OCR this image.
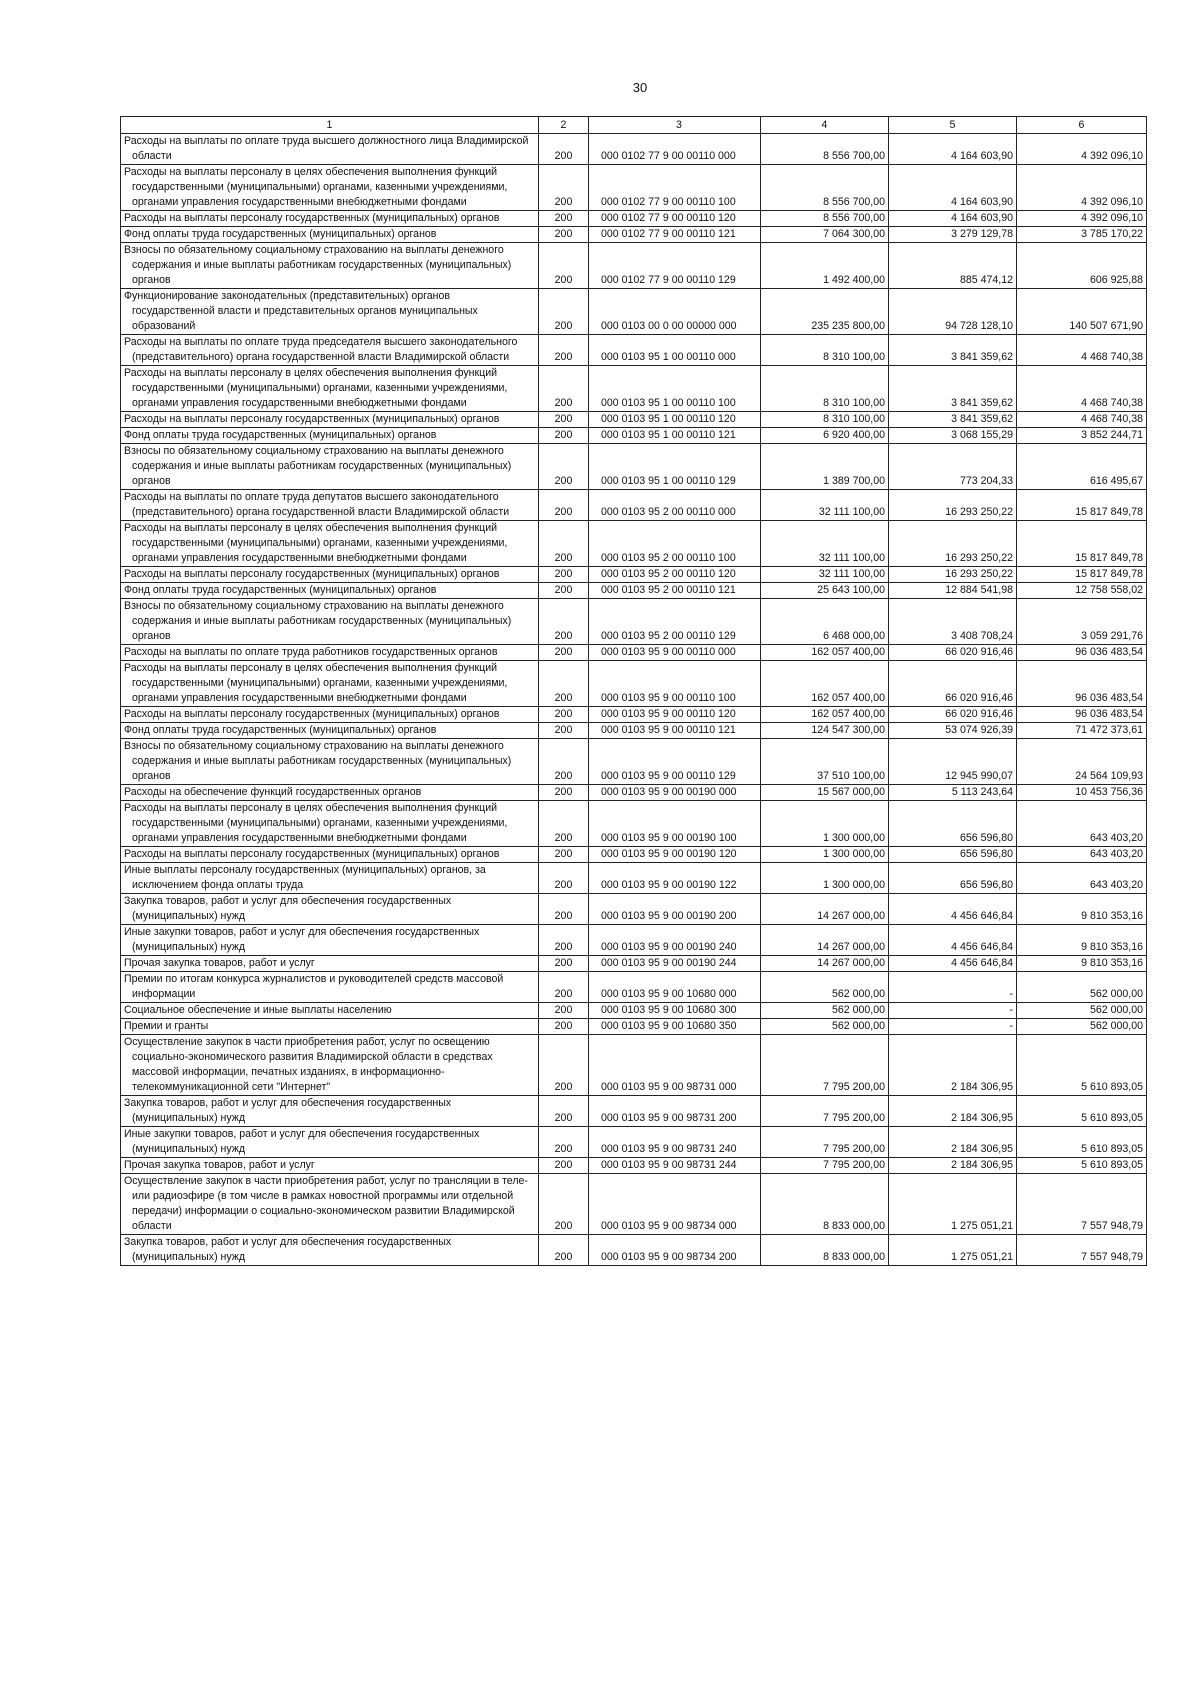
30
1	2	3	4	5	6
Расходы на выплаты по оплате труда высшего должностного лица Владимирской области	200	000 0102 77 9 00 00110 000	8 556 700,00	4 164 603,90	4 392 096,10
Расходы на выплаты персоналу в целях обеспечения выполнения функций государственными (муниципальными) органами, казенными учреждениями, органами управления государственными внебюджетными фондами	200	000 0102 77 9 00 00110 100	8 556 700,00	4 164 603,90	4 392 096,10
Расходы на выплаты персоналу государственных (муниципальных) органов	200	000 0102 77 9 00 00110 120	8 556 700,00	4 164 603,90	4 392 096,10
Фонд оплаты труда государственных (муниципальных) органов	200	000 0102 77 9 00 00110 121	7 064 300,00	3 279 129,78	3 785 170,22
Взносы по обязательному социальному страхованию на выплаты денежного содержания и иные выплаты работникам государственных (муниципальных) органов	200	000 0102 77 9 00 00110 129	1 492 400,00	885 474,12	606 925,88
Функционирование законодательных (представительных) органов государственной власти и представительных органов муниципальных образований	200	000 0103 00 0 00 00000 000	235 235 800,00	94 728 128,10	140 507 671,90
Расходы на выплаты по оплате труда председателя высшего законодательного (представительного) органа государственной власти Владимирской области	200	000 0103 95 1 00 00110 000	8 310 100,00	3 841 359,62	4 468 740,38
Расходы на выплаты персоналу в целях обеспечения выполнения функций государственными (муниципальными) органами, казенными учреждениями, органами управления государственными внебюджетными фондами	200	000 0103 95 1 00 00110 100	8 310 100,00	3 841 359,62	4 468 740,38
Расходы на выплаты персоналу государственных (муниципальных) органов	200	000 0103 95 1 00 00110 120	8 310 100,00	3 841 359,62	4 468 740,38
Фонд оплаты труда государственных (муниципальных) органов	200	000 0103 95 1 00 00110 121	6 920 400,00	3 068 155,29	3 852 244,71
Взносы по обязательному социальному страхованию на выплаты денежного содержания и иные выплаты работникам государственных (муниципальных) органов	200	000 0103 95 1 00 00110 129	1 389 700,00	773 204,33	616 495,67
Расходы на выплаты по оплате труда депутатов высшего законодательного (представительного) органа государственной власти Владимирской области	200	000 0103 95 2 00 00110 000	32 111 100,00	16 293 250,22	15 817 849,78
Расходы на выплаты персоналу в целях обеспечения выполнения функций государственными (муниципальными) органами, казенными учреждениями, органами управления государственными внебюджетными фондами	200	000 0103 95 2 00 00110 100	32 111 100,00	16 293 250,22	15 817 849,78
Расходы на выплаты персоналу государственных (муниципальных) органов	200	000 0103 95 2 00 00110 120	32 111 100,00	16 293 250,22	15 817 849,78
Фонд оплаты труда государственных (муниципальных) органов	200	000 0103 95 2 00 00110 121	25 643 100,00	12 884 541,98	12 758 558,02
Взносы по обязательному социальному страхованию на выплаты денежного содержания и иные выплаты работникам государственных (муниципальных) органов	200	000 0103 95 2 00 00110 129	6 468 000,00	3 408 708,24	3 059 291,76
Расходы на выплаты по оплате труда работников государственных органов	200	000 0103 95 9 00 00110 000	162 057 400,00	66 020 916,46	96 036 483,54
Расходы на выплаты персоналу в целях обеспечения выполнения функций государственными (муниципальными) органами, казенными учреждениями, органами управления государственными внебюджетными фондами	200	000 0103 95 9 00 00110 100	162 057 400,00	66 020 916,46	96 036 483,54
Расходы на выплаты персоналу государственных (муниципальных) органов	200	000 0103 95 9 00 00110 120	162 057 400,00	66 020 916,46	96 036 483,54
Фонд оплаты труда государственных (муниципальных) органов	200	000 0103 95 9 00 00110 121	124 547 300,00	53 074 926,39	71 472 373,61
Взносы по обязательному социальному страхованию на выплаты денежного содержания и иные выплаты работникам государственных (муниципальных) органов	200	000 0103 95 9 00 00110 129	37 510 100,00	12 945 990,07	24 564 109,93
Расходы на обеспечение функций государственных органов	200	000 0103 95 9 00 00190 000	15 567 000,00	5 113 243,64	10 453 756,36
Расходы на выплаты персоналу в целях обеспечения выполнения функций государственными (муниципальными) органами, казенными учреждениями, органами управления государственными внебюджетными фондами	200	000 0103 95 9 00 00190 100	1 300 000,00	656 596,80	643 403,20
Расходы на выплаты персоналу государственных (муниципальных) органов	200	000 0103 95 9 00 00190 120	1 300 000,00	656 596,80	643 403,20
Иные выплаты персоналу государственных (муниципальных) органов, за исключением фонда оплаты труда	200	000 0103 95 9 00 00190 122	1 300 000,00	656 596,80	643 403,20
Закупка товаров, работ и услуг для обеспечения государственных (муниципальных) нужд	200	000 0103 95 9 00 00190 200	14 267 000,00	4 456 646,84	9 810 353,16
Иные закупки товаров, работ и услуг для обеспечения государственных (муниципальных) нужд	200	000 0103 95 9 00 00190 240	14 267 000,00	4 456 646,84	9 810 353,16
Прочая закупка товаров, работ и услуг	200	000 0103 95 9 00 00190 244	14 267 000,00	4 456 646,84	9 810 353,16
Премии по итогам конкурса журналистов и руководителей средств массовой информации	200	000 0103 95 9 00 10680 000	562 000,00	-	562 000,00
Социальное обеспечение и иные выплаты населению	200	000 0103 95 9 00 10680 300	562 000,00	-	562 000,00
Премии и гранты	200	000 0103 95 9 00 10680 350	562 000,00	-	562 000,00
Осуществление закупок в части приобретения работ, услуг по освещению социально-экономического развития Владимирской области в средствах массовой информации, печатных изданиях, в информационно-телекоммуникационной сети "Интернет"	200	000 0103 95 9 00 98731 000	7 795 200,00	2 184 306,95	5 610 893,05
Закупка товаров, работ и услуг для обеспечения государственных (муниципальных) нужд	200	000 0103 95 9 00 98731 200	7 795 200,00	2 184 306,95	5 610 893,05
Иные закупки товаров, работ и услуг для обеспечения государственных (муниципальных) нужд	200	000 0103 95 9 00 98731 240	7 795 200,00	2 184 306,95	5 610 893,05
Прочая закупка товаров, работ и услуг	200	000 0103 95 9 00 98731 244	7 795 200,00	2 184 306,95	5 610 893,05
Осуществление закупок в части приобретения работ, услуг по трансляции в теле- или радиоэфире (в том числе в рамках новостной программы или отдельной передачи) информации о социально-экономическом развитии Владимирской области	200	000 0103 95 9 00 98734 000	8 833 000,00	1 275 051,21	7 557 948,79
Закупка товаров, работ и услуг для обеспечения государственных (муниципальных) нужд	200	000 0103 95 9 00 98734 200	8 833 000,00	1 275 051,21	7 557 948,79
